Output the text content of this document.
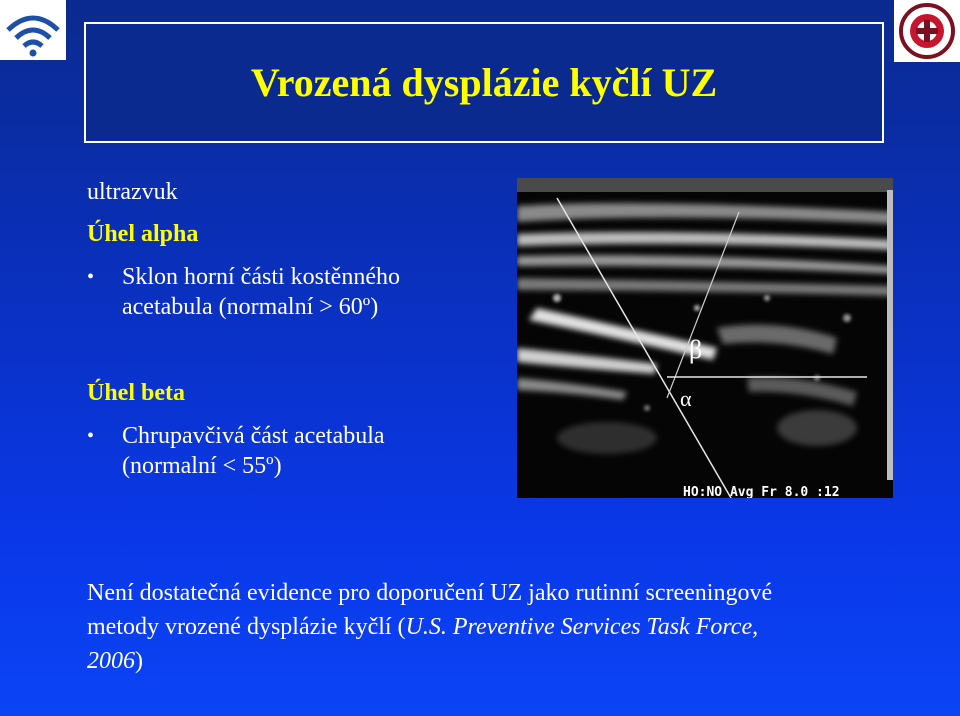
Vrozená dysplázie kyčlí UZ
ultrazvuk
Úhel alpha
•	Sklon horní části kostěnného
acetabula (normalní > 60º)
Úhel beta
•	Chrupavčivá část acetabula
(normalní < 55º)
β
α
HO:NO Avg Fr 8.0 :12
Není dostatečná evidence pro doporučení UZ jako rutinní screeningové
metody vrozené dysplázie kyčlí (U.S. Preventive Services Task Force,
2006)
